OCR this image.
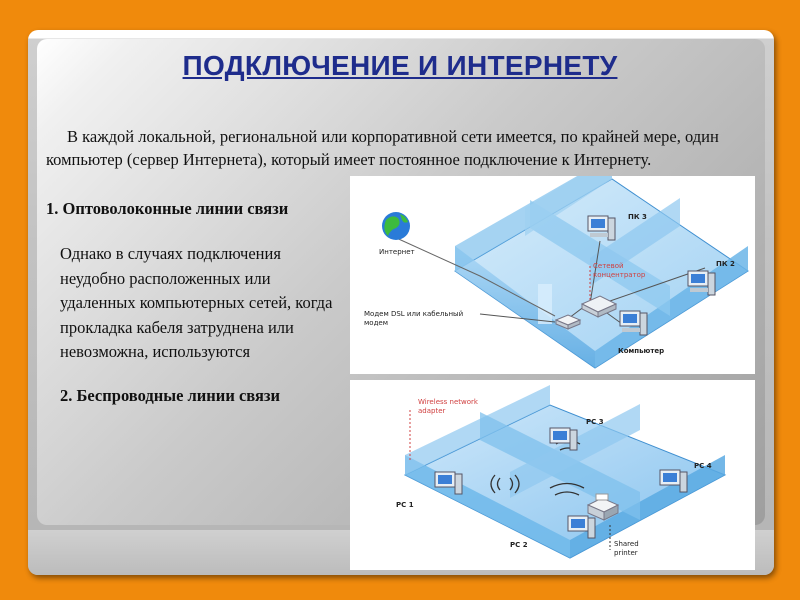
ПОДКЛЮЧЕНИЕ И ИНТЕРНЕТУ
В каждой локальной, региональной или корпоративной сети имеется, по крайней мере, один компьютер (сервер Интернета), который имеет постоянное подключение к Интернету.
1. Оптоволоконные линии связи
Однако в случаях подключения неудобно расположенных или удаленных компьютерных сетей, когда прокладка кабеля затруднена или невозможна, используются
2. Беспроводные линии связи
Интернет
ПК 3
ПК 2
Компьютер
Сетевой
концентратор
Модем DSL или кабельный
модем
Wireless network
adapter
PC 3
PC 4
PC 1
PC 2	Shared
printer
